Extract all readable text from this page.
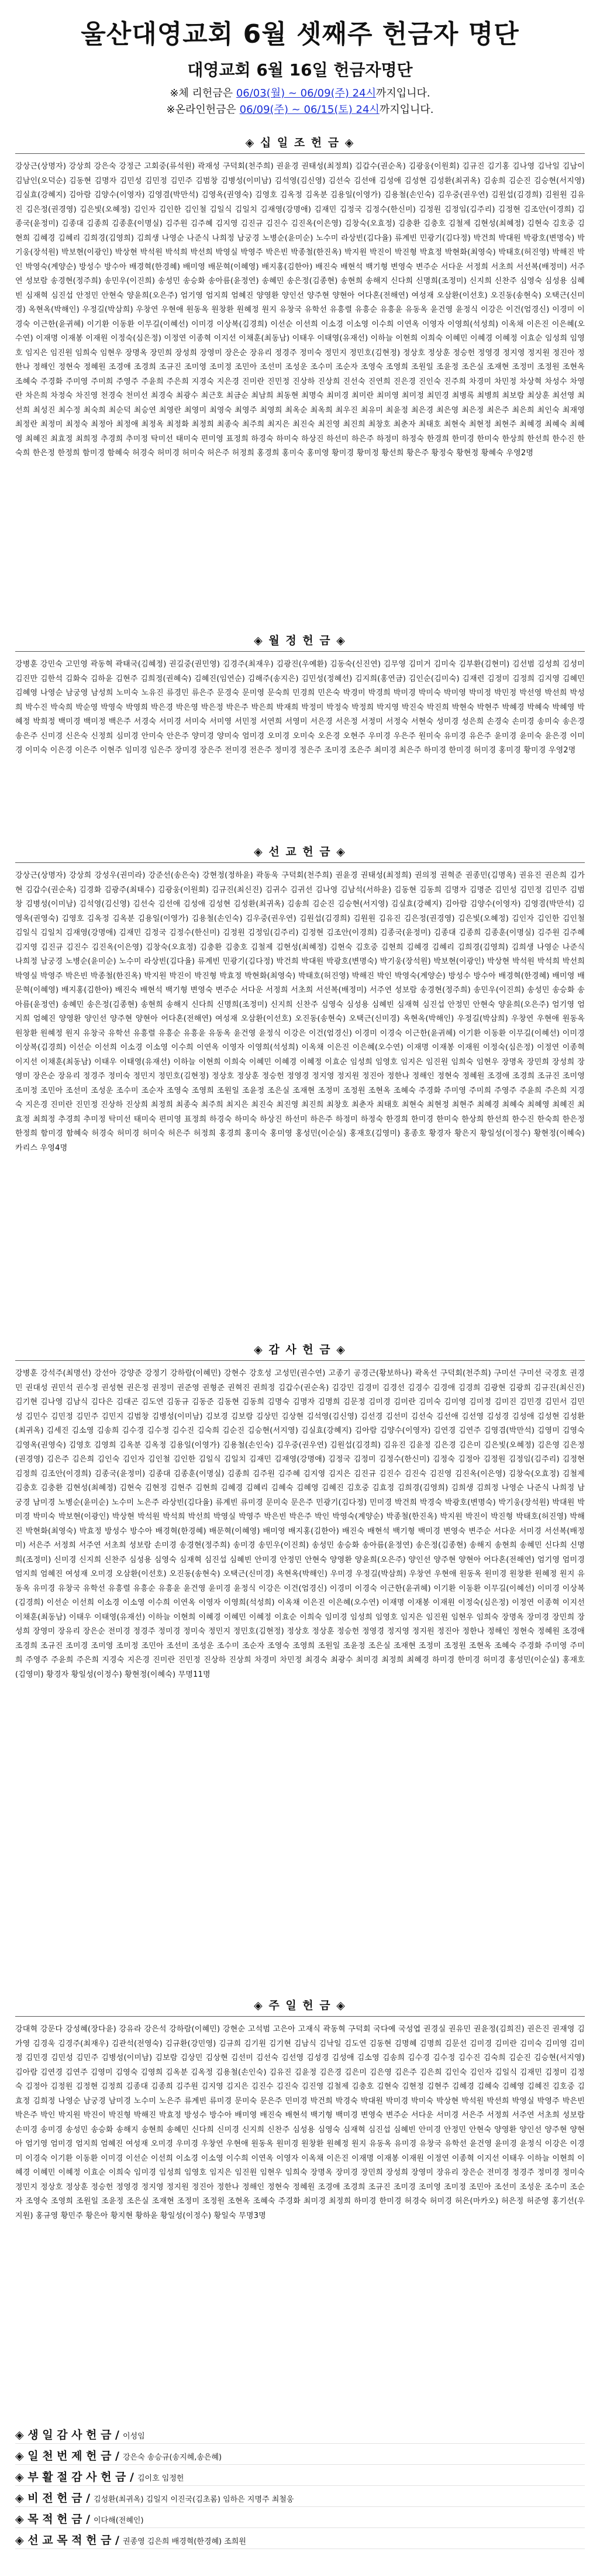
울산대영교회 6월 셋째주 헌금자 명단
대영교회 6월 16일 헌금자명단
※체 리헌금은 06/03(월) ~ 06/09(주) 24시까지입니다.
※온라인헌금은 06/09(주) ~ 06/15(토) 24시까지입니다.
◈ 십 일 조 헌 금 ◈

강상근(상명자) 강상희 강은숙 강정근 고회중(류석원) 곽재성 구덕회(천주희) 권윤경 권태성(최정희) 김갑수(권순옥) 김광웅(이원회) 김규진 김기홍 김나영 김낙일 김남이 김남인(오덕순) 김동현 김명자 김민성 김민정 김민주 김범창 김병성(이미남) 김석영(김신영) 김선숙 김선애 김성애 김성현 김성환(최귀옥) 김송희 김순진 김승현(서지영) 김실효(강혜지) 김아람 김양수(이영자) 김영겸(박만석) 김영옥(권영숙) 김영호 김옥정 김옥분 김용일(이영가) 김용철(손인숙) 김우중(권우연) 김원섭(김경희) 김원원 김유진 김은정(권경영) 김은빛(오혜정) 김인자 김인한 김인철 김일식 김일치 김재영(강명애) 김재민 김정국 김정수(한신미) 김정원 김정임(김주리) 김정현 김조안(이경희) 김종국(윤정미) 김종대 김종희 김종훈(이명실) 김주원 김주혜 김지영 김진규 김진수 김진옥(이은영) 김창숙(오효정) 김충환 김충호 김철제 김현성(최혜정) 김현숙 김호중 김현희 김혜경 김혜리 김희경(김영희) 김희생 나영순 나준식 나희정 남궁경 노병순(윤미순) 노수미 라상빈(김다율) 류계빈 민광기(김다정) 박건희 박대원 박광호(변명숙) 박기웅(장석원) 박보현(이광인) 박상현 박석원 박석희 박선희 박영실 박영주 박은빈 박종철(한진옥) 박지원 박진이 박진형 박효정 박현화(최영숙) 박태호(허진영) 박해진 박인 박영숙(계양순) 방성수 방수아 배경혁(한경혜) 배미영 배문혁(이혜영) 배지홍(김한아) 배진숙 배현석 백기형 변영숙 변주순 서다운 서정희 서초희 서선복(배정미) 서주연 성보람 송경현(정주희) 송민우(이진희) 송성민 송승화 송아름(윤정연) 송혜민 송은정(김종현) 송현희 송해지 신다희 신명희(조정미) 신지희 신찬주 심영숙 심성용 심혜빈 심재혁 심진섭 안정민 안현숙 양윤희(오은주) 엄기영 엄지희 엄혜진 양영환 양인선 양주현 양현아 어다혼(전해연) 여성재 오삼환(이선호) 오진동(송현숙) 오택근(신미경) 옥현옥(박해인) 우정길(박삼희) 우창연 우현애 원동옥 원창환 원혜정 원지 유창국 유학선 유흥렬 유흥순 유흥윤 유동옥 윤건영 윤정식 이강은 이건(엄경신) 이경미 이경숙 이근한(윤귀헤) 이기환 이동환 이무길(이혜선) 이미경 이상복(김경희) 이선순 이선희 이소경 이소영 이수희 이연옥 이영자 이영희(석성희) 이옥채 이은진 이은혜(오수연) 이재명 이재봉 이재원 이정숙(심은정) 이정연 이종혁 이지선 이채훈(최동남) 이태우 이태영(유재선) 이하늘 이현희 이희숙 이혜민 이혜경 이혜정 이효순 임성희 임영호 임지은 임진원 임희숙 임현우 장명옥 장민희 장성희 장영미 장은순 장유리 정경주 정미숙 정민지 정민호(김현정) 정상호 정상훈 정승헌 정영경 정지영 정지원 정진아 정한나 정해인 정현숙 정혜원 조경애 조경희 조규진 조미영 조미정 조민아 조선미 조성운 조수미 조순자 조영숙 조영희 조원일 조윤정 조은실 조재현 조정미 조정원 조현옥 조혜숙 주경화 주미영 주미희 주영주 주윤희 주은희 지경숙 지은경 진미란 진민정 진상하 진상희 진선숙 진연희 진은경 진인숙 진주희 차경미 차민정 차상혁 차성수 차영란 차은희 차정숙 차진영 천경숙 천미선 최경숙 최광수 최근호 최금순 최남희 최동현 최명숙 최미경 최미란 최미영 최미정 최민경 최병록 최병희 최보람 최상훈 최선영 최선희 최성진 최수정 최숙희 최순덕 최승연 최영란 최영미 최영숙 최영주 최영희 최옥순 최옥희 최우진 최유미 최윤정 최은경 최은영 최은정 최은주 최은희 최인숙 최재영 최정란 최정미 최정숙 최정아 최정애 최정옥 최정화 최정희 최종숙 최주희 최지은 최진숙 최진영 최진희 최창호 최춘자 최태호 최현숙 최현정 최현주 최혜경 최혜숙 최혜영 최혜진 최효정 최희정 추경희 추미정 탁미선 태미숙 편미영 표정희 하경숙 하미숙 하상진 하선미 하은주 하정미 하정숙 한경희 한미경 한미숙 한상희 한선희 한수진 한숙희 한은정 한정희 함미경 함혜숙 허경숙 허미경 허미숙 허은주 허정희 홍경희 홍미숙 홍미영 황미경 황미정 황선희 황은주 황정숙 황현정 황혜숙 우영2명

◈ 월 정 헌 금 ◈

강병훈 강민숙 고민영 곽동혁 곽태국(김혜정) 권길중(권민영) 김경주(최재우) 김광진(우예환) 김동숙(신진연) 김무영 김미거 김미숙 김부환(김현미) 김선범 김성희 김성미 김진만 김한석 김화숙 김하윤 김현주 김희정(권혜숙) 김혜진(임연순) 김해주(송지은) 김민성(정혜선) 김지희(홍연금) 김인순(김미숙) 김재련 김정미 김정희 김지영 김혜민 김혜영 나영순 남궁영 남성희 노미숙 노유진 류경민 류은주 문경숙 문미영 문숙희 민경희 민은숙 박경미 박경희 박미경 박미숙 박미영 박미정 박민정 박선영 박선희 박성희 박수진 박숙희 박순영 박영숙 박영희 박은경 박은영 박은정 박은주 박은희 박재희 박정미 박정숙 박정희 박지영 박진숙 박진희 박현숙 박현주 박혜경 박혜숙 박혜영 박혜정 박희정 백미경 백미정 백은주 서경숙 서미경 서미숙 서미영 서민정 서연희 서영미 서은경 서은정 서정미 서정숙 서현숙 성미경 성은희 손경숙 손미경 송미숙 송은경 송은주 신미경 신은숙 신정희 심미경 안미숙 안은주 양미경 양미숙 엄미경 오미경 오미숙 오은경 오현주 우미경 우은주 원미숙 유미경 유은주 윤미경 윤미숙 윤은경 이미경 이미숙 이은경 이은주 이현주 임미경 임은주 장미경 장은주 전미경 전은주 정미경 정은주 조미경 조은주 최미경 최은주 하미경 한미경 허미경 홍미경 황미경 우영2명

◈ 선 교 헌 금 ◈

강상근(상명자) 강상희 강성우(권미라) 강준선(송은숙) 강현정(정하윤) 곽동욱 구덕회(천주희) 권윤경 권태성(최정희) 권의정 권혁준 권종민(김명옥) 권유진 권은희 김가현 김갑수(권순옥) 김경화 김광주(최태수) 김광웅(이원회) 김규진(최신진) 김귀수 김귀선 김나영 김남석(서하윤) 김동현 김동희 김명자 김명준 김민성 김민정 김민주 김범창 김병성(이미남) 김석영(김신영) 김선숙 김선애 김성애 김성현 김성환(최귀옥) 김송희 김순진 김승현(서지영) 김실효(강혜지) 김아람 김양수(이영자) 김영겸(박만석) 김영옥(권영숙) 김영호 김옥정 김옥분 김용일(이영가) 김용철(손인숙) 김우중(권우연) 김원섭(김경희) 김원원 김유진 김은정(권경영) 김은빛(오혜정) 김인자 김인한 김인철 김일식 김일치 김재영(강명애) 김재민 김정국 김정수(한신미) 김정원 김정임(김주리) 김정현 김조안(이경희) 김종국(윤정미) 김종대 김종희 김종훈(이명실) 김주원 김주혜 김지영 김진규 김진수 김진옥(이은영) 김창숙(오효정) 김충환 김충호 김철제 김현성(최혜정) 김현숙 김호중 김현희 김혜경 김혜리 김희경(김영희) 김희생 나영순 나준식 나희정 남궁경 노병순(윤미순) 노수미 라상빈(김다율) 류계빈 민광기(김다정) 박건희 박대원 박광호(변명숙) 박기웅(장석원) 박보현(이광인) 박상현 박석원 박석희 박선희 박영실 박영주 박은빈 박종철(한진옥) 박지원 박진이 박진형 박효정 박현화(최영숙) 박태호(허진영) 박해진 박인 박영숙(계양순) 방성수 방수아 배경혁(한경혜) 배미영 배문혁(이혜영) 배지홍(김한아) 배진숙 배현석 백기형 변영숙 변주순 서다운 서정희 서초희 서선복(배정미) 서주연 성보람 송경현(정주희) 송민우(이진희) 송성민 송승화 송아름(윤정연) 송혜민 송은정(김종현) 송현희 송해지 신다희 신명희(조정미) 신지희 신찬주 심영숙 심성용 심혜빈 심재혁 심진섭 안정민 안현숙 양윤희(오은주) 엄기영 엄지희 엄혜진 양영환 양인선 양주현 양현아 어다혼(전해연) 여성재 오삼환(이선호) 오진동(송현숙) 오택근(신미경) 옥현옥(박해인) 우정길(박삼희) 우창연 우현애 원동옥 원창환 원혜정 원지 유창국 유학선 유흥렬 유흥순 유흥윤 유동옥 윤건영 윤정식 이강은 이건(엄경신) 이경미 이경숙 이근한(윤귀헤) 이기환 이동환 이무길(이혜선) 이미경 이상복(김경희) 이선순 이선희 이소경 이소영 이수희 이연옥 이영자 이영희(석성희) 이옥채 이은진 이은혜(오수연) 이재명 이재봉 이재원 이정숙(심은정) 이정연 이종혁 이지선 이채훈(최동남) 이태우 이태영(유재선) 이하늘 이현희 이희숙 이혜민 이혜경 이혜정 이효순 임성희 임영호 임지은 임진원 임희숙 임현우 장명옥 장민희 장성희 장영미 장은순 장유리 정경주 정미숙 정민지 정민호(김현정) 정상호 정상훈 정승헌 정영경 정지영 정지원 정진아 정한나 정해인 정현숙 정혜원 조경애 조경희 조규진 조미영 조미정 조민아 조선미 조성운 조수미 조순자 조영숙 조영희 조원일 조윤정 조은실 조재현 조정미 조정원 조현옥 조혜숙 주경화 주미영 주미희 주영주 주윤희 주은희 지경숙 지은경 진미란 진민정 진상하 진상희 최정희 최종숙 최주희 최지은 최진숙 최진영 최진희 최창호 최춘자 최태호 최현숙 최현정 최현주 최혜경 최혜숙 최혜영 최혜진 최효정 최희정 추경희 추미정 탁미선 태미숙 편미영 표정희 하경숙 하미숙 하상진 하선미 하은주 하정미 하정숙 한경희 한미경 한미숙 한상희 한선희 한수진 한숙희 한은정 한정희 함미경 함혜숙 허경숙 허미경 허미숙 허은주 허정희 홍경희 홍미숙 홍미영 홍성민(이순실) 홍재호(김영미) 홍종호 황경자 황은지 황일성(이정수) 황현정(이혜숙) 카리스 우영4명

◈ 감 사 헌 금 ◈

강병훈 강석주(최명선) 강선아 강양준 강정기 강하람(이혜민) 강현수 강호성 고성민(권수연) 고종기 공경근(황보하나) 곽옥선 구덕회(천주희) 구미선 구미선 국경호 권경민 권대성 권민석 권수정 권성현 권은정 권정미 권준영 권형준 권혁진 권희정 김갑수(권순옥) 김강민 김경미 김경선 김경수 김경애 김경희 김광현 김광희 김규진(최신진) 김기현 김나영 김남식 김다은 김대곤 김도연 김동규 김동준 김동현 김동희 김명숙 김명자 김명희 김문정 김미경 김미란 김미숙 김미영 김미정 김미진 김민경 김민서 김민성 김민수 김민정 김민주 김민지 김범창 김병성(이미남) 김보경 김보람 김상민 김상현 김석영(김신영) 김선경 김선미 김선숙 김선애 김선영 김성경 김성애 김성현 김성환(최귀옥) 김세진 김소영 김송희 김수경 김수정 김수진 김숙희 김순진 김승현(서지영) 김실효(강혜지) 김아람 김양수(이영자) 김연경 김연주 김영겸(박만석) 김영미 김영숙 김영옥(권영숙) 김영호 김영희 김옥분 김옥정 김용일(이영가) 김용철(손인숙) 김우중(권우연) 김원섭(김경희) 김유진 김윤정 김은경 김은미 김은빛(오혜정) 김은영 김은정(권경영) 김은주 김은희 김인숙 김인자 김인철 김인한 김일식 김일치 김재민 김재영(강명애) 김정국 김정미 김정수(한신미) 김정숙 김정아 김정원 김정임(김주리) 김정현 김정희 김조안(이경희) 김종국(윤정미) 김종대 김종훈(이명실) 김종희 김주원 김주혜 김지영 김지은 김진규 김진수 김진숙 김진영 김진옥(이은영) 김창숙(오효정) 김철제 김충호 김충환 김현성(최혜정) 김현숙 김현정 김현주 김현희 김혜경 김혜리 김혜숙 김혜영 김혜진 김호중 김효정 김희경(김영희) 김희생 김희정 나영순 나준식 나희정 남궁경 남미경 노병순(윤미순) 노수미 노은주 라상빈(김다율) 류계빈 류미경 문미숙 문은주 민광기(김다정) 민미경 박건희 박경숙 박광호(변명숙) 박기웅(장석원) 박대원 박미경 박미숙 박보현(이광인) 박상현 박석원 박석희 박선희 박영실 박영주 박은빈 박은주 박인 박영숙(계양순) 박종철(한진옥) 박지원 박진이 박진형 박태호(허진영) 박해진 박현화(최영숙) 박효정 방성수 방수아 배경혁(한경혜) 배문혁(이혜영) 배미영 배지홍(김한아) 배진숙 배현석 백기형 백미경 변영숙 변주순 서다운 서미경 서선복(배정미) 서은주 서정희 서주연 서초희 성보람 손미경 송경현(정주희) 송미경 송민우(이진희) 송성민 송승화 송아름(윤정연) 송은정(김종현) 송해지 송현희 송혜민 신다희 신명희(조정미) 신미경 신지희 신찬주 심성용 심영숙 심재혁 심진섭 심혜빈 안미경 안정민 안현숙 양영환 양윤희(오은주) 양인선 양주현 양현아 어다혼(전해연) 엄기영 엄미경 엄지희 엄혜진 여성재 오미경 오삼환(이선호) 오진동(송현숙) 오택근(신미경) 옥현옥(박해인) 우미경 우정길(박삼희) 우창연 우현애 원동옥 원미경 원창환 원혜정 원지 유동옥 유미경 유창국 유학선 유흥렬 유흥순 유흥윤 윤건영 윤미경 윤정식 이강은 이건(엄경신) 이경미 이경숙 이근한(윤귀헤) 이기환 이동환 이무길(이혜선) 이미경 이상복(김경희) 이선순 이선희 이소경 이소영 이수희 이연옥 이영자 이영희(석성희) 이옥채 이은진 이은혜(오수연) 이재명 이재봉 이재원 이정숙(심은정) 이정연 이종혁 이지선 이채훈(최동남) 이태우 이태영(유재선) 이하늘 이현희 이혜경 이혜민 이혜정 이효순 이희숙 임미경 임성희 임영호 임지은 임진원 임현우 임희숙 장명옥 장미경 장민희 장성희 장영미 장유리 장은순 전미경 정경주 정미경 정미숙 정민지 정민호(김현정) 정상호 정상훈 정승헌 정영경 정지영 정지원 정진아 정한나 정해인 정현숙 정혜원 조경애 조경희 조규진 조미경 조미영 조미정 조민아 조선미 조성운 조수미 조순자 조영숙 조영희 조원일 조윤정 조은실 조재현 조정미 조정원 조현옥 조혜숙 주경화 주미영 주미희 주영주 주윤희 주은희 지경숙 지은경 진미란 진민정 진상하 진상희 차경미 차민정 최경숙 최광수 최미경 최정희 최혜경 하미경 한미경 허미경 홍성민(이순실) 홍재호(김영미) 황경자 황일성(이정수) 황현정(이혜숙) 무명11명

◈ 주 일 헌 금 ◈

강대혁 강문다 강성혜(장다윤) 강유라 강은석 강하람(이혜민) 강현순 고석범 고은아 고재식 곽동혁 구덕회 국다예 국성엽 권경실 권유민 권윤정(김희진) 권은진 권재영 김가영 김경욱 김경주(최재우) 김관석(전영숙) 김규환(강민영) 김규희 김기원 김기현 김남식 김낙일 김도연 김동현 김명혜 김명희 김문선 김미경 김미란 김미숙 김미영 김미정 김민경 김민성 김민주 김병성(이미남) 김보람 김상민 김상현 김선미 김선숙 김선영 김성경 김성애 김소영 김송희 김수경 김수정 김수진 김숙희 김순진 김승현(서지영) 김아람 김연경 김연주 김영미 김영숙 김영희 김옥분 김옥정 김용철(손인숙) 김유진 김윤정 김은경 김은미 김은영 김은주 김은희 김인숙 김인자 김일식 김재민 김정미 김정숙 김정아 김정원 김정현 김정희 김종대 김종희 김주원 김지영 김지은 김진수 김진숙 김진영 김철제 김충호 김현숙 김현정 김현주 김혜경 김혜숙 김혜영 김혜진 김호중 김효정 김희정 나영순 남궁경 남미경 노수미 노은주 류계빈 류미경 문미숙 문은주 민미경 박건희 박경숙 박대원 박미경 박미숙 박상현 박석원 박선희 박영실 박영주 박은빈 박은주 박인 박지원 박진이 박진형 박해진 박효정 방성수 방수아 배미영 배진숙 배현석 백기형 백미경 변영숙 변주순 서다운 서미경 서은주 서정희 서주연 서초희 성보람 손미경 송미경 송성민 송승화 송해지 송현희 송혜민 신다희 신미경 신지희 신찬주 심성용 심영숙 심재혁 심진섭 심혜빈 안미경 안정민 안현숙 양영환 양인선 양주현 양현아 엄기영 엄미경 엄지희 엄혜진 여성재 오미경 우미경 우창연 우현애 원동옥 원미경 원창환 원혜정 원지 유동옥 유미경 유창국 유학선 윤건영 윤미경 윤정식 이강은 이경미 이경숙 이기환 이동환 이미경 이선순 이선희 이소경 이소영 이수희 이연옥 이영자 이옥채 이은진 이재명 이재봉 이재원 이정연 이종혁 이지선 이태우 이하늘 이현희 이혜경 이혜민 이혜정 이효순 이희숙 임미경 임성희 임영호 임지은 임진원 임현우 임희숙 장명옥 장미경 장민희 장성희 장영미 장유리 장은순 전미경 정경주 정미경 정미숙 정민지 정상호 정상훈 정승헌 정영경 정지영 정지원 정진아 정한나 정해인 정현숙 정혜원 조경애 조경희 조규진 조미경 조미영 조미정 조민아 조선미 조성운 조수미 조순자 조영숙 조영희 조원일 조윤정 조은실 조재현 조정미 조정원 조현옥 조혜숙 주경화 최미경 최정희 하미경 한미경 허경숙 허미경 허은(마카오) 허은정 허준영 홍기선(우지원) 홍규영 황민주 황은아 황지현 황하윤 황일성(이정수) 황일숙 무명3명

◈ 생 일 감 사 헌 금 / 이성임
◈ 일 천 번 제 헌 금 / 강은숙 송승규(송지혜,송은혜)
◈ 부 활 절 감 사 헌 금 / 김이호 임정헌
◈ 비 전 헌 금 / 김성환(최귀옥) 김일지 이진국(김초롬) 임하은 지명주 최철웅
◈ 목 적 헌 금 / 이다해(전혜인)
◈ 선 교 목 적 헌 금 / 권종영 김은희 배경혁(한경혜) 조희원
